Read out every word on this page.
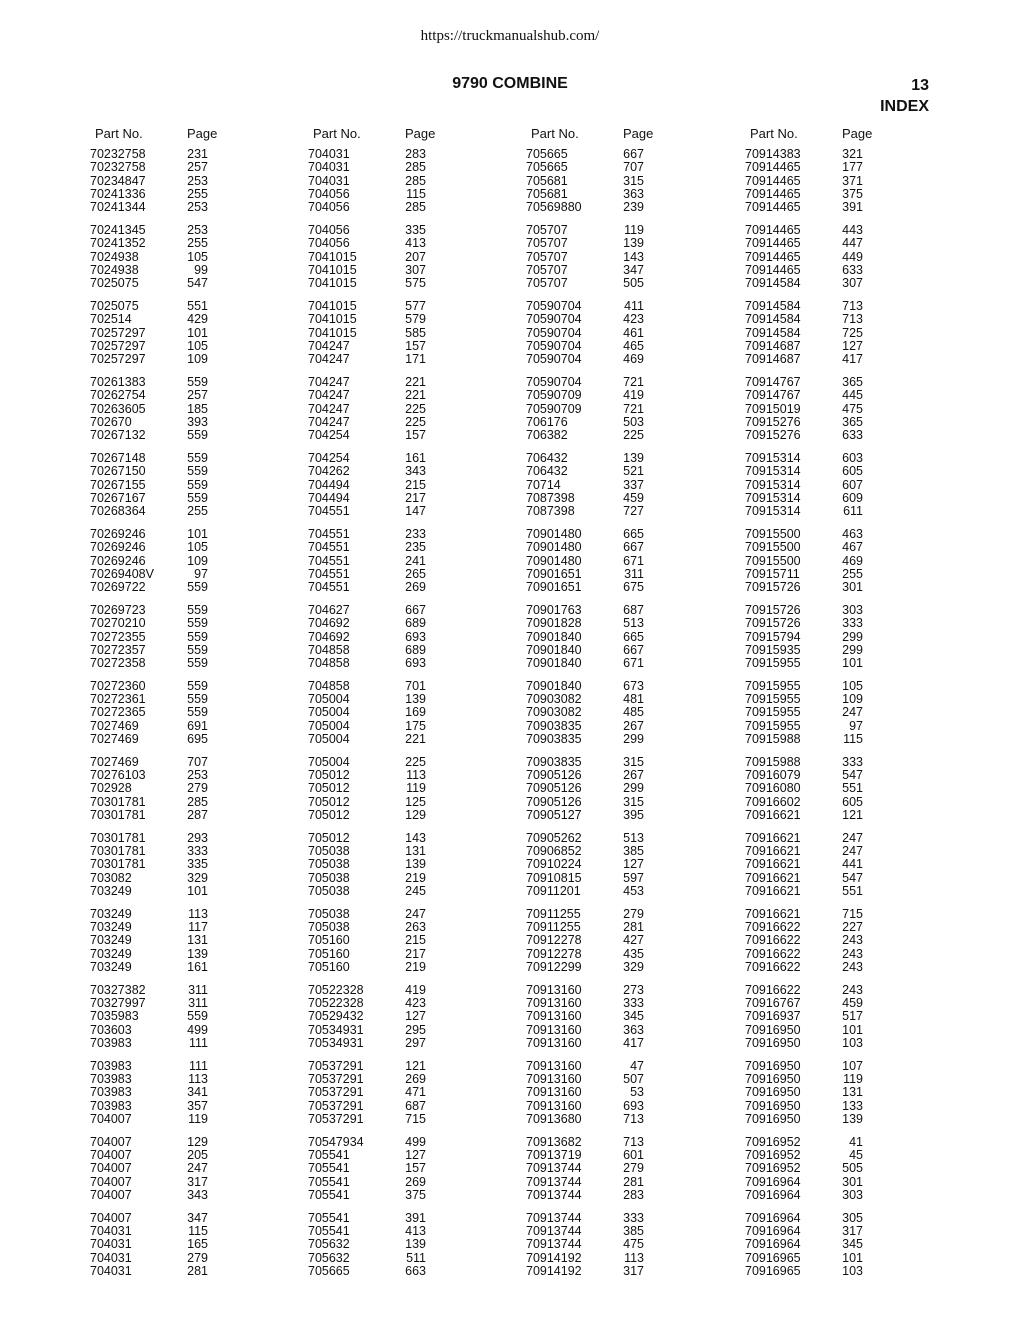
https://truckmanualshub.com/
9790 COMBINE	13
INDEX
Part No.	Page
70232758	231
70232758	257
70234847	253
70241336	255
70241344	253
70241345	253
70241352	255
7024938	105
7024938	99
7025075	547
7025075	551
702514	429
70257297	101
70257297	105
70257297	109
70261383	559
70262754	257
70263605	185
702670	393
70267132	559
70267148	559
70267150	559
70267155	559
70267167	559
70268364	255
70269246	101
70269246	105
70269246	109
70269408V	97
70269722	559
70269723	559
70270210	559
70272355	559
70272357	559
70272358	559
70272360	559
70272361	559
70272365	559
7027469	691
7027469	695
7027469	707
70276103	253
702928	279
70301781	285
70301781	287
70301781	293
70301781	333
70301781	335
703082	329
703249	101
703249	113
703249	117
703249	131
703249	139
703249	161
70327382	311
70327997	311
7035983	559
703603	499
703983	111
703983	111
703983	113
703983	341
703983	357
704007	119
704007	129
704007	205
704007	247
704007	317
704007	343
704007	347
704031	115
704031	165
704031	279
704031	281
Part No.	Page
704031	283
704031	285
704031	285
704056	115
704056	285
704056	335
704056	413
7041015	207
7041015	307
7041015	575
7041015	577
7041015	579
7041015	585
704247	157
704247	171
704247	221
704247	221
704247	225
704247	225
704254	157
704254	161
704262	343
704494	215
704494	217
704551	147
704551	233
704551	235
704551	241
704551	265
704551	269
704627	667
704692	689
704692	693
704858	689
704858	693
704858	701
705004	139
705004	169
705004	175
705004	221
705004	225
705012	113
705012	119
705012	125
705012	129
705012	143
705038	131
705038	139
705038	219
705038	245
705038	247
705038	263
705160	215
705160	217
705160	219
70522328	419
70522328	423
70529432	127
70534931	295
70534931	297
70537291	121
70537291	269
70537291	471
70537291	687
70537291	715
70547934	499
705541	127
705541	157
705541	269
705541	375
705541	391
705541	413
705632	139
705632	511
705665	663
Part No.	Page
705665	667
705665	707
705681	315
705681	363
70569880	239
705707	119
705707	139
705707	143
705707	347
705707	505
70590704	411
70590704	423
70590704	461
70590704	465
70590704	469
70590704	721
70590709	419
70590709	721
706176	503
706382	225
706432	139
706432	521
70714	337
7087398	459
7087398	727
70901480	665
70901480	667
70901480	671
70901651	311
70901651	675
70901763	687
70901828	513
70901840	665
70901840	667
70901840	671
70901840	673
70903082	481
70903082	485
70903835	267
70903835	299
70903835	315
70905126	267
70905126	299
70905126	315
70905127	395
70905262	513
70906852	385
70910224	127
70910815	597
70911201	453
70911255	279
70911255	281
70912278	427
70912278	435
70912299	329
70913160	273
70913160	333
70913160	345
70913160	363
70913160	417
70913160	47
70913160	507
70913160	53
70913160	693
70913680	713
70913682	713
70913719	601
70913744	279
70913744	281
70913744	283
70913744	333
70913744	385
70913744	475
70914192	113
70914192	317
Part No.	Page
70914383	321
70914465	177
70914465	371
70914465	375
70914465	391
70914465	443
70914465	447
70914465	449
70914465	633
70914584	307
70914584	713
70914584	713
70914584	725
70914687	127
70914687	417
70914767	365
70914767	445
70915019	475
70915276	365
70915276	633
70915314	603
70915314	605
70915314	607
70915314	609
70915314	611
70915500	463
70915500	467
70915500	469
70915711	255
70915726	301
70915726	303
70915726	333
70915794	299
70915935	299
70915955	101
70915955	105
70915955	109
70915955	247
70915955	97
70915988	115
70915988	333
70916079	547
70916080	551
70916602	605
70916621	121
70916621	247
70916621	247
70916621	441
70916621	547
70916621	551
70916621	715
70916622	227
70916622	243
70916622	243
70916622	243
70916622	243
70916767	459
70916937	517
70916950	101
70916950	103
70916950	107
70916950	119
70916950	131
70916950	133
70916950	139
70916952	41
70916952	45
70916952	505
70916964	301
70916964	303
70916964	305
70916964	317
70916964	345
70916965	101
70916965	103
